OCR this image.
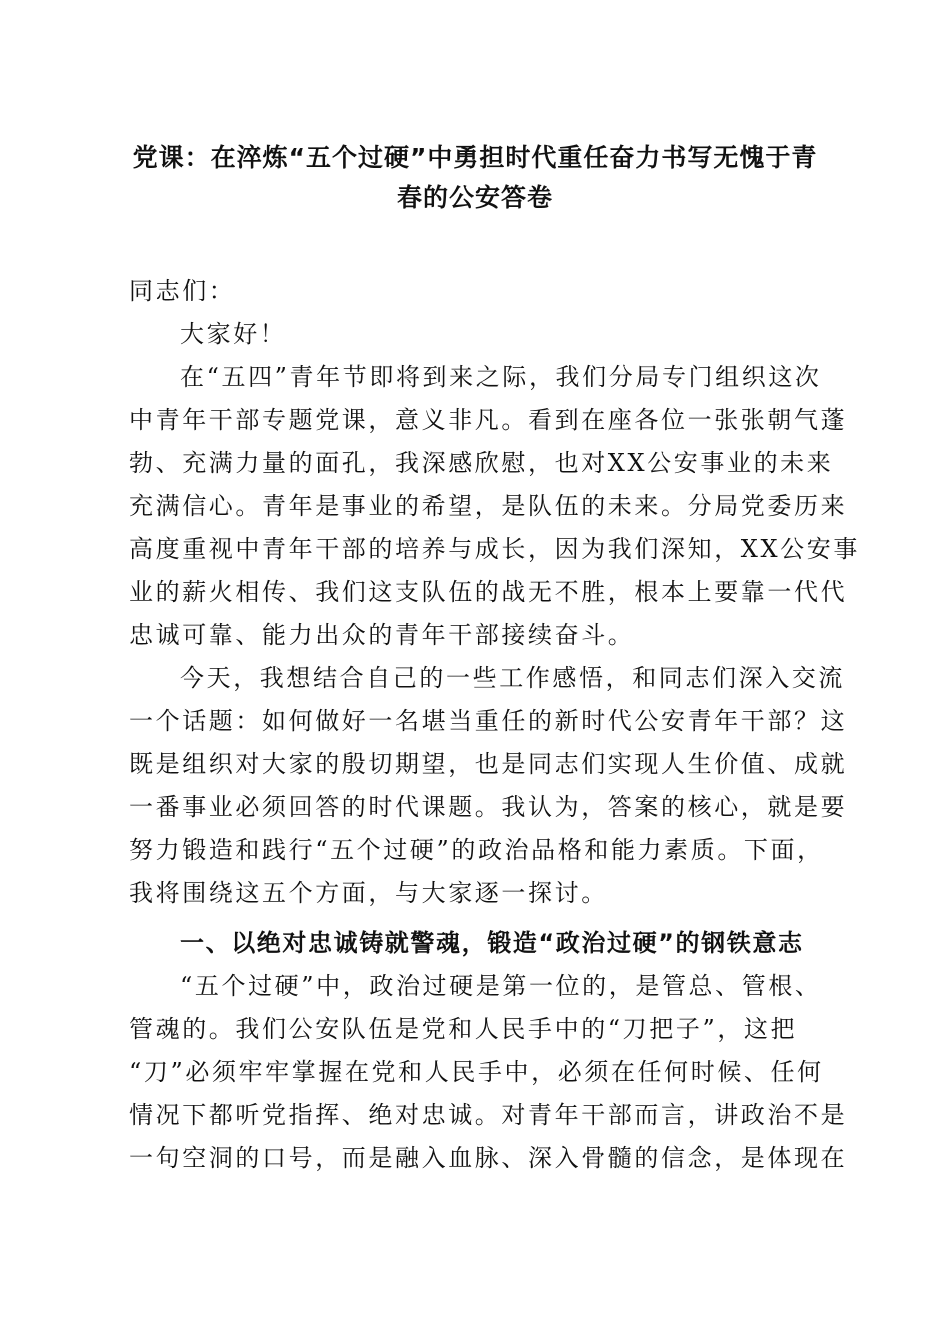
党课：在淬炼“五个过硬”中勇担时代重任奋力书写无愧于青
春的公安答卷

同志们：

大家好！

在“五四”青年节即将到来之际，我们分局专门组织这次

中青年干部专题党课，意义非凡。看到在座各位一张张朝气蓬

勃、充满力量的面孔，我深感欣慰，也对XX公安事业的未来

充满信心。青年是事业的希望，是队伍的未来。分局党委历来

高度重视中青年干部的培养与成长，因为我们深知，XX公安事

业的薪火相传、我们这支队伍的战无不胜，根本上要靠一代代

忠诚可靠、能力出众的青年干部接续奋斗。

今天，我想结合自己的一些工作感悟，和同志们深入交流

一个话题：如何做好一名堪当重任的新时代公安青年干部？这

既是组织对大家的殷切期望，也是同志们实现人生价值、成就

一番事业必须回答的时代课题。我认为，答案的核心，就是要

努力锻造和践行“五个过硬”的政治品格和能力素质。下面，

我将围绕这五个方面，与大家逐一探讨。

一、以绝对忠诚铸就警魂，锻造“政治过硬”的钢铁意志

“五个过硬”中，政治过硬是第一位的，是管总、管根、

管魂的。我们公安队伍是党和人民手中的“刀把子”，这把

“刀”必须牢牢掌握在党和人民手中，必须在任何时候、任何

情况下都听党指挥、绝对忠诚。对青年干部而言，讲政治不是

一句空洞的口号，而是融入血脉、深入骨髓的信念，是体现在
